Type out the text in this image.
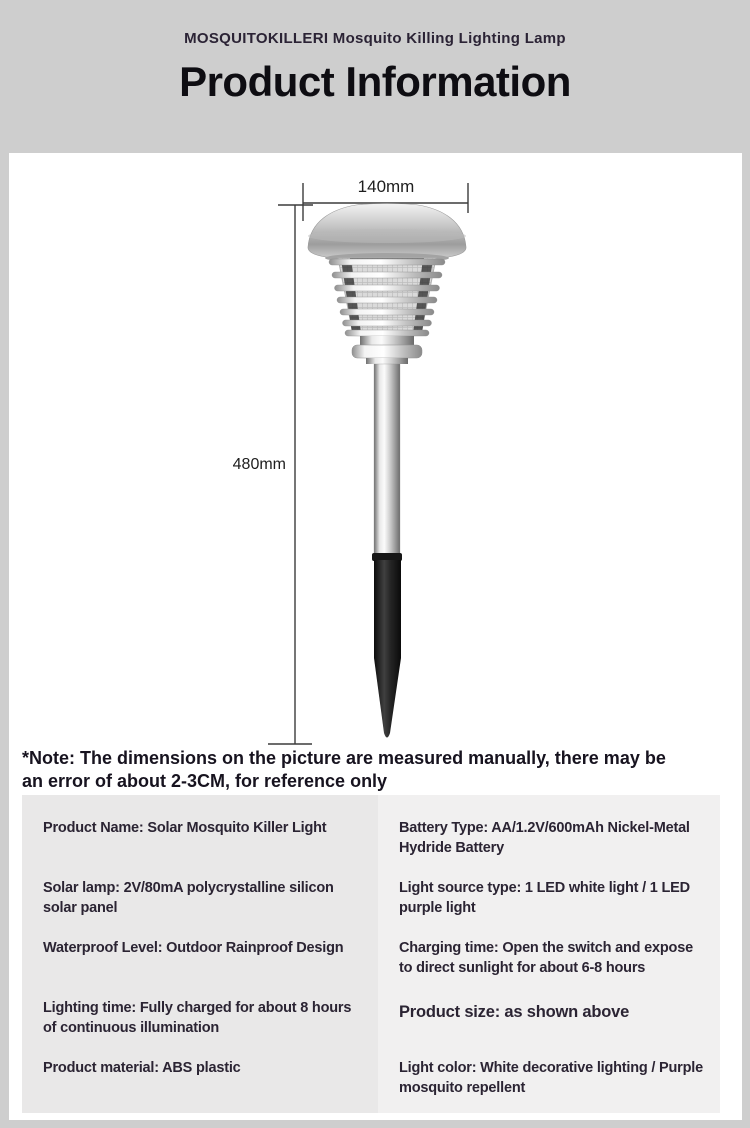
MOSQUITOKILLERI Mosquito Killing Lighting Lamp
Product Information
140mm
480mm
*Note: The dimensions on the picture are measured manually, there may be an error of about 2-3CM, for reference only
Product Name: Solar Mosquito Killer Light
Solar lamp: 2V/80mA polycrystalline silicon solar panel
Waterproof Level: Outdoor Rainproof Design
Lighting time: Fully charged for about 8 hours of continuous illumination
Product material: ABS plastic
Battery Type: AA/1.2V/600mAh Nickel-Metal Hydride Battery
Light source type: 1 LED white light / 1 LED purple light
Charging time: Open the switch and expose to direct sunlight for about 6-8 hours
Product size: as shown above
Light color: White decorative lighting / Purple mosquito repellent
